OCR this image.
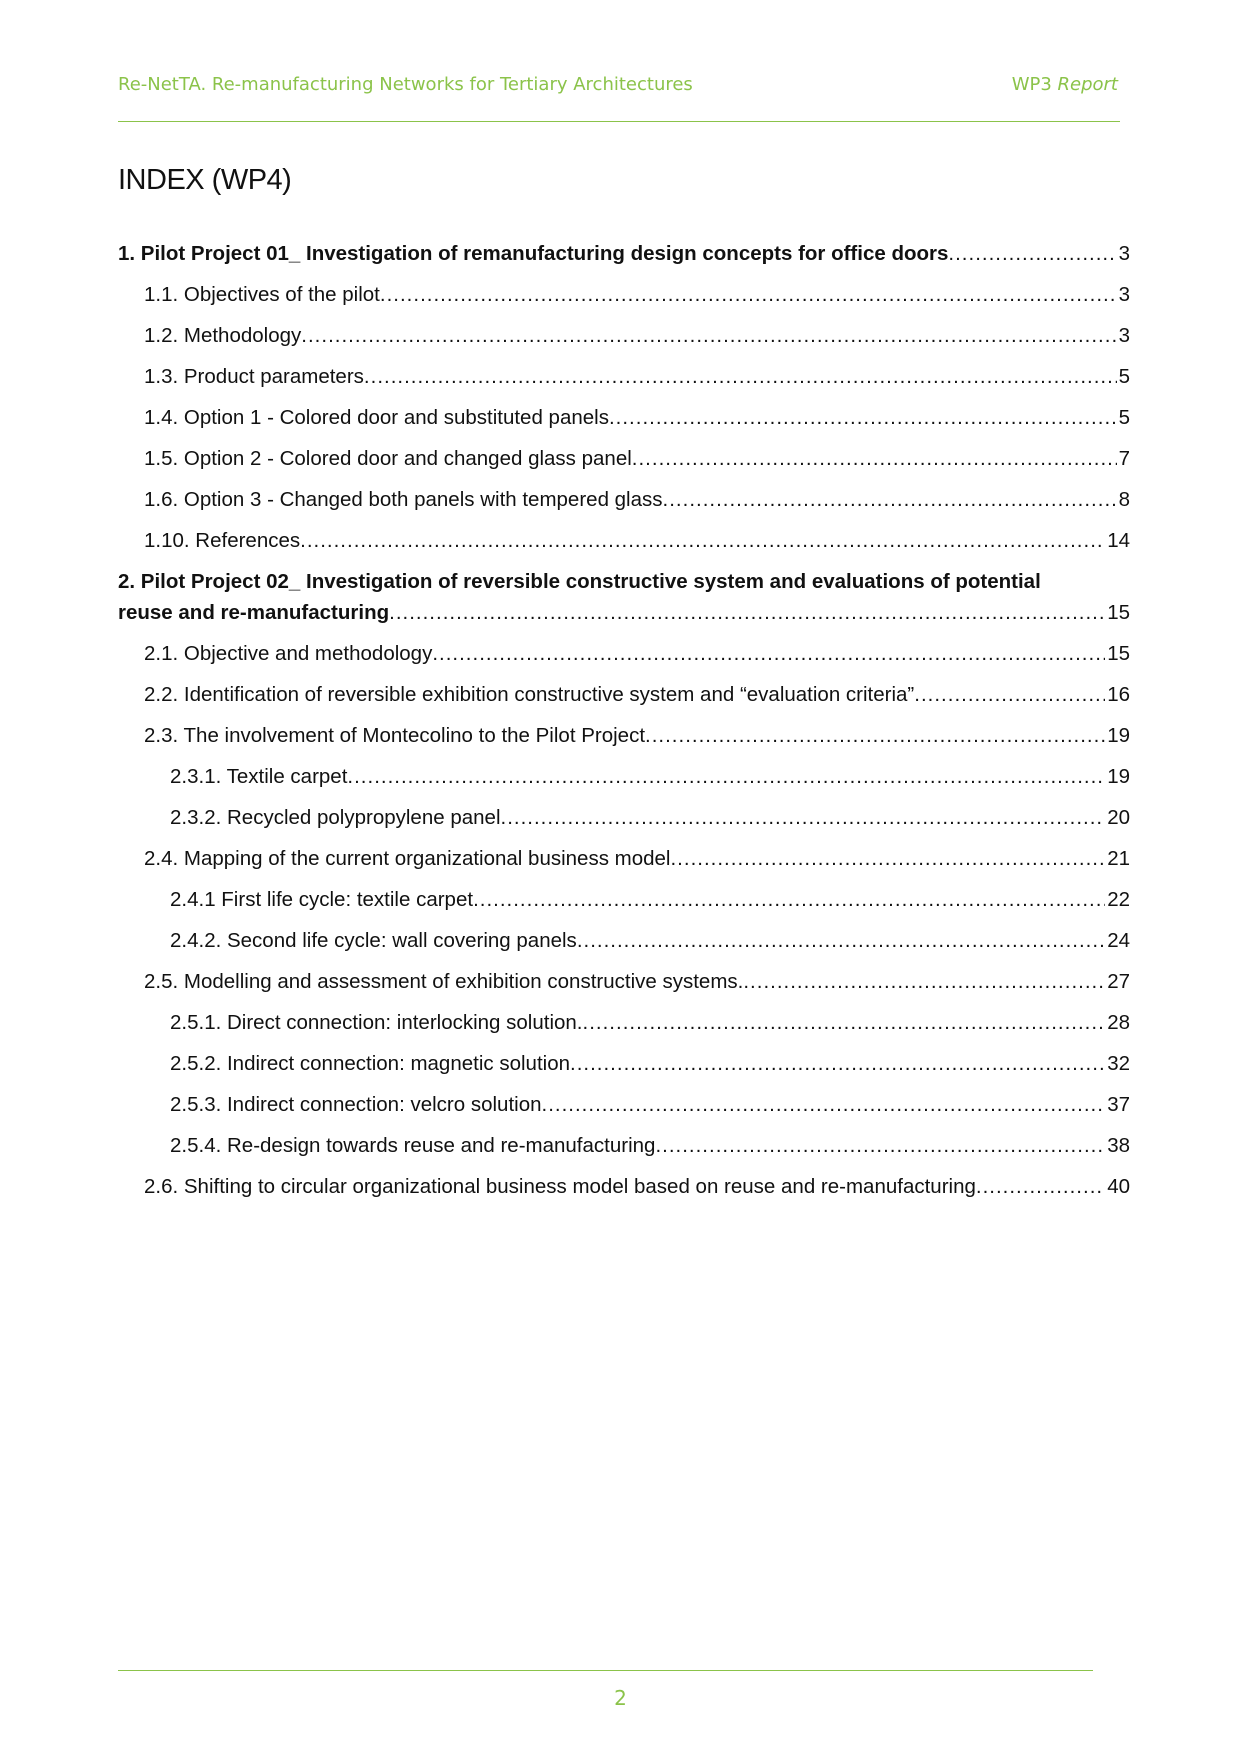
Re-NetTA. Re-manufacturing Networks for Tertiary Architectures	WP3 Report
INDEX (WP4)
1. Pilot Project 01_ Investigation of remanufacturing design concepts for office doors .....	3
1.1. Objectives of the pilot .....	3
1.2. Methodology .....	3
1.3. Product parameters .....	5
1.4. Option 1 - Colored door and substituted panels .....	5
1.5. Option 2 - Colored door and changed glass panel .....	7
1.6. Option 3 - Changed both panels with tempered glass .....	8
1.10. References .....	14
2. Pilot Project 02_ Investigation of reversible constructive system and evaluations of potential
reuse and re-manufacturing .....	15
2.1. Objective and methodology .....	15
2.2. Identification of reversible exhibition constructive system and “evaluation criteria” .....	16
2.3. The involvement of Montecolino to the Pilot Project .....	19
2.3.1. Textile carpet .....	19
2.3.2. Recycled polypropylene panel .....	20
2.4. Mapping of the current organizational business model .....	21
2.4.1 First life cycle: textile carpet .....	22
2.4.2. Second life cycle: wall covering panels .....	24
2.5. Modelling and assessment of exhibition constructive systems. .....	27
2.5.1. Direct connection: interlocking solution. .....	28
2.5.2. Indirect connection: magnetic solution .....	32
2.5.3. Indirect connection: velcro solution .....	37
2.5.4. Re-design towards reuse and re-manufacturing .....	38
2.6. Shifting to circular organizational business model based on reuse and re-manufacturing .....	40
2
